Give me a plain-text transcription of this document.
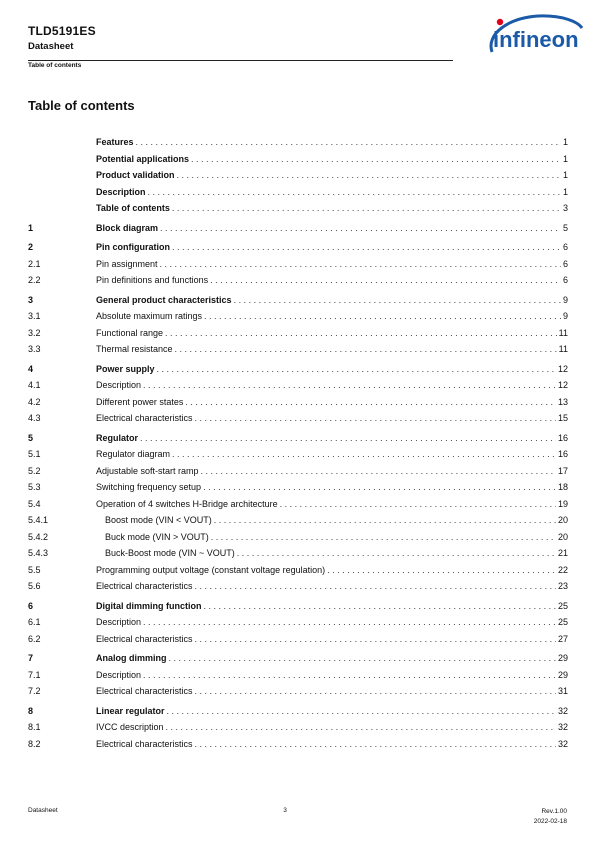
TLD5191ES
Datasheet
Table of contents
infineon
Table of contents
Features . . .	1
Potential applications . . .	1
Product validation . . .	1
Description . . .	1
Table of contents . . .	3
1	Block diagram . . .	5
2	Pin configuration . . .	6
2.1	Pin assignment . . .	6
2.2	Pin definitions and functions . . .	6
3	General product characteristics . . .	9
3.1	Absolute maximum ratings . . .	9
3.2	Functional range . . .	11
3.3	Thermal resistance . . .	11
4	Power supply . . .	12
4.1	Description . . .	12
4.2	Different power states . . .	13
4.3	Electrical characteristics . . .	15
5	Regulator . . .	16
5.1	Regulator diagram . . .	16
5.2	Adjustable soft-start ramp . . .	17
5.3	Switching frequency setup . . .	18
5.4	Operation of 4 switches H-Bridge architecture . . .	19
5.4.1	Boost mode (VIN < VOUT) . . .	20
5.4.2	Buck mode (VIN > VOUT) . . .	20
5.4.3	Buck-Boost mode (VIN ~ VOUT) . . .	21
5.5	Programming output voltage (constant voltage regulation) . . .	22
5.6	Electrical characteristics . . .	23
6	Digital dimming function . . .	25
6.1	Description . . .	25
6.2	Electrical characteristics . . .	27
7	Analog dimming . . .	29
7.1	Description . . .	29
7.2	Electrical characteristics . . .	31
8	Linear regulator . . .	32
8.1	IVCC description . . .	32
8.2	Electrical characteristics . . .	32
Datasheet	3	Rev.1.00
2022-02-18
